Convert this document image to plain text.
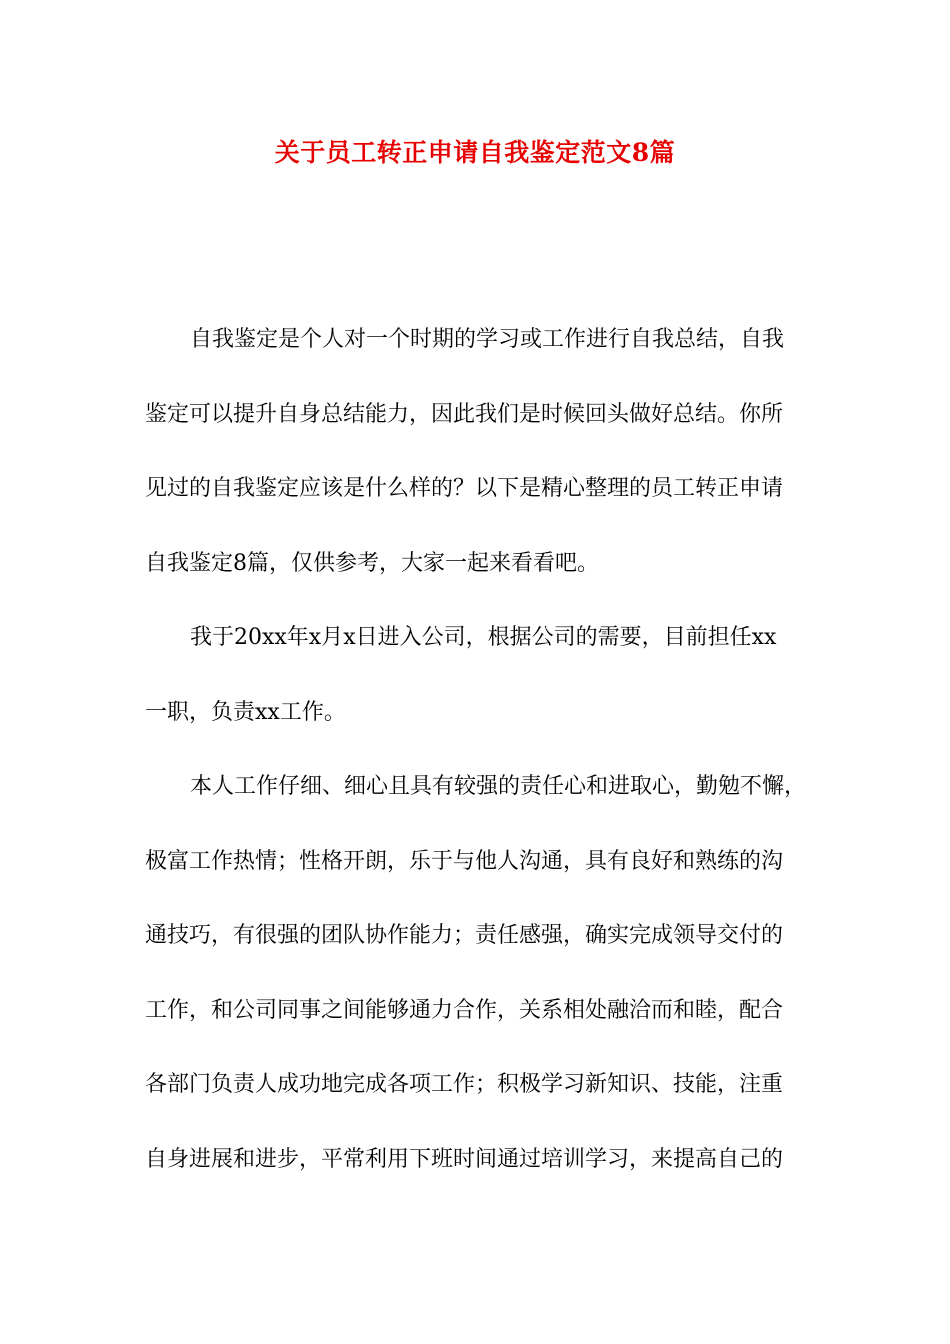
关于员工转正申请自我鉴定范文8篇
自我鉴定是个人对一个时期的学习或工作进行自我总结，自我
鉴定可以提升自身总结能力，因此我们是时候回头做好总结。你所
见过的自我鉴定应该是什么样的？以下是精心整理的员工转正申请
自我鉴定8篇，仅供参考，大家一起来看看吧。
我于20xx年x月x日进入公司，根据公司的需要，目前担任xx
一职，负责xx工作。
本人工作仔细、细心且具有较强的责任心和进取心，勤勉不懈，
极富工作热情；性格开朗，乐于与他人沟通，具有良好和熟练的沟
通技巧，有很强的团队协作能力；责任感强，确实完成领导交付的
工作，和公司同事之间能够通力合作，关系相处融洽而和睦，配合
各部门负责人成功地完成各项工作；积极学习新知识、技能，注重
自身进展和进步，平常利用下班时间通过培训学习，来提高自己的
